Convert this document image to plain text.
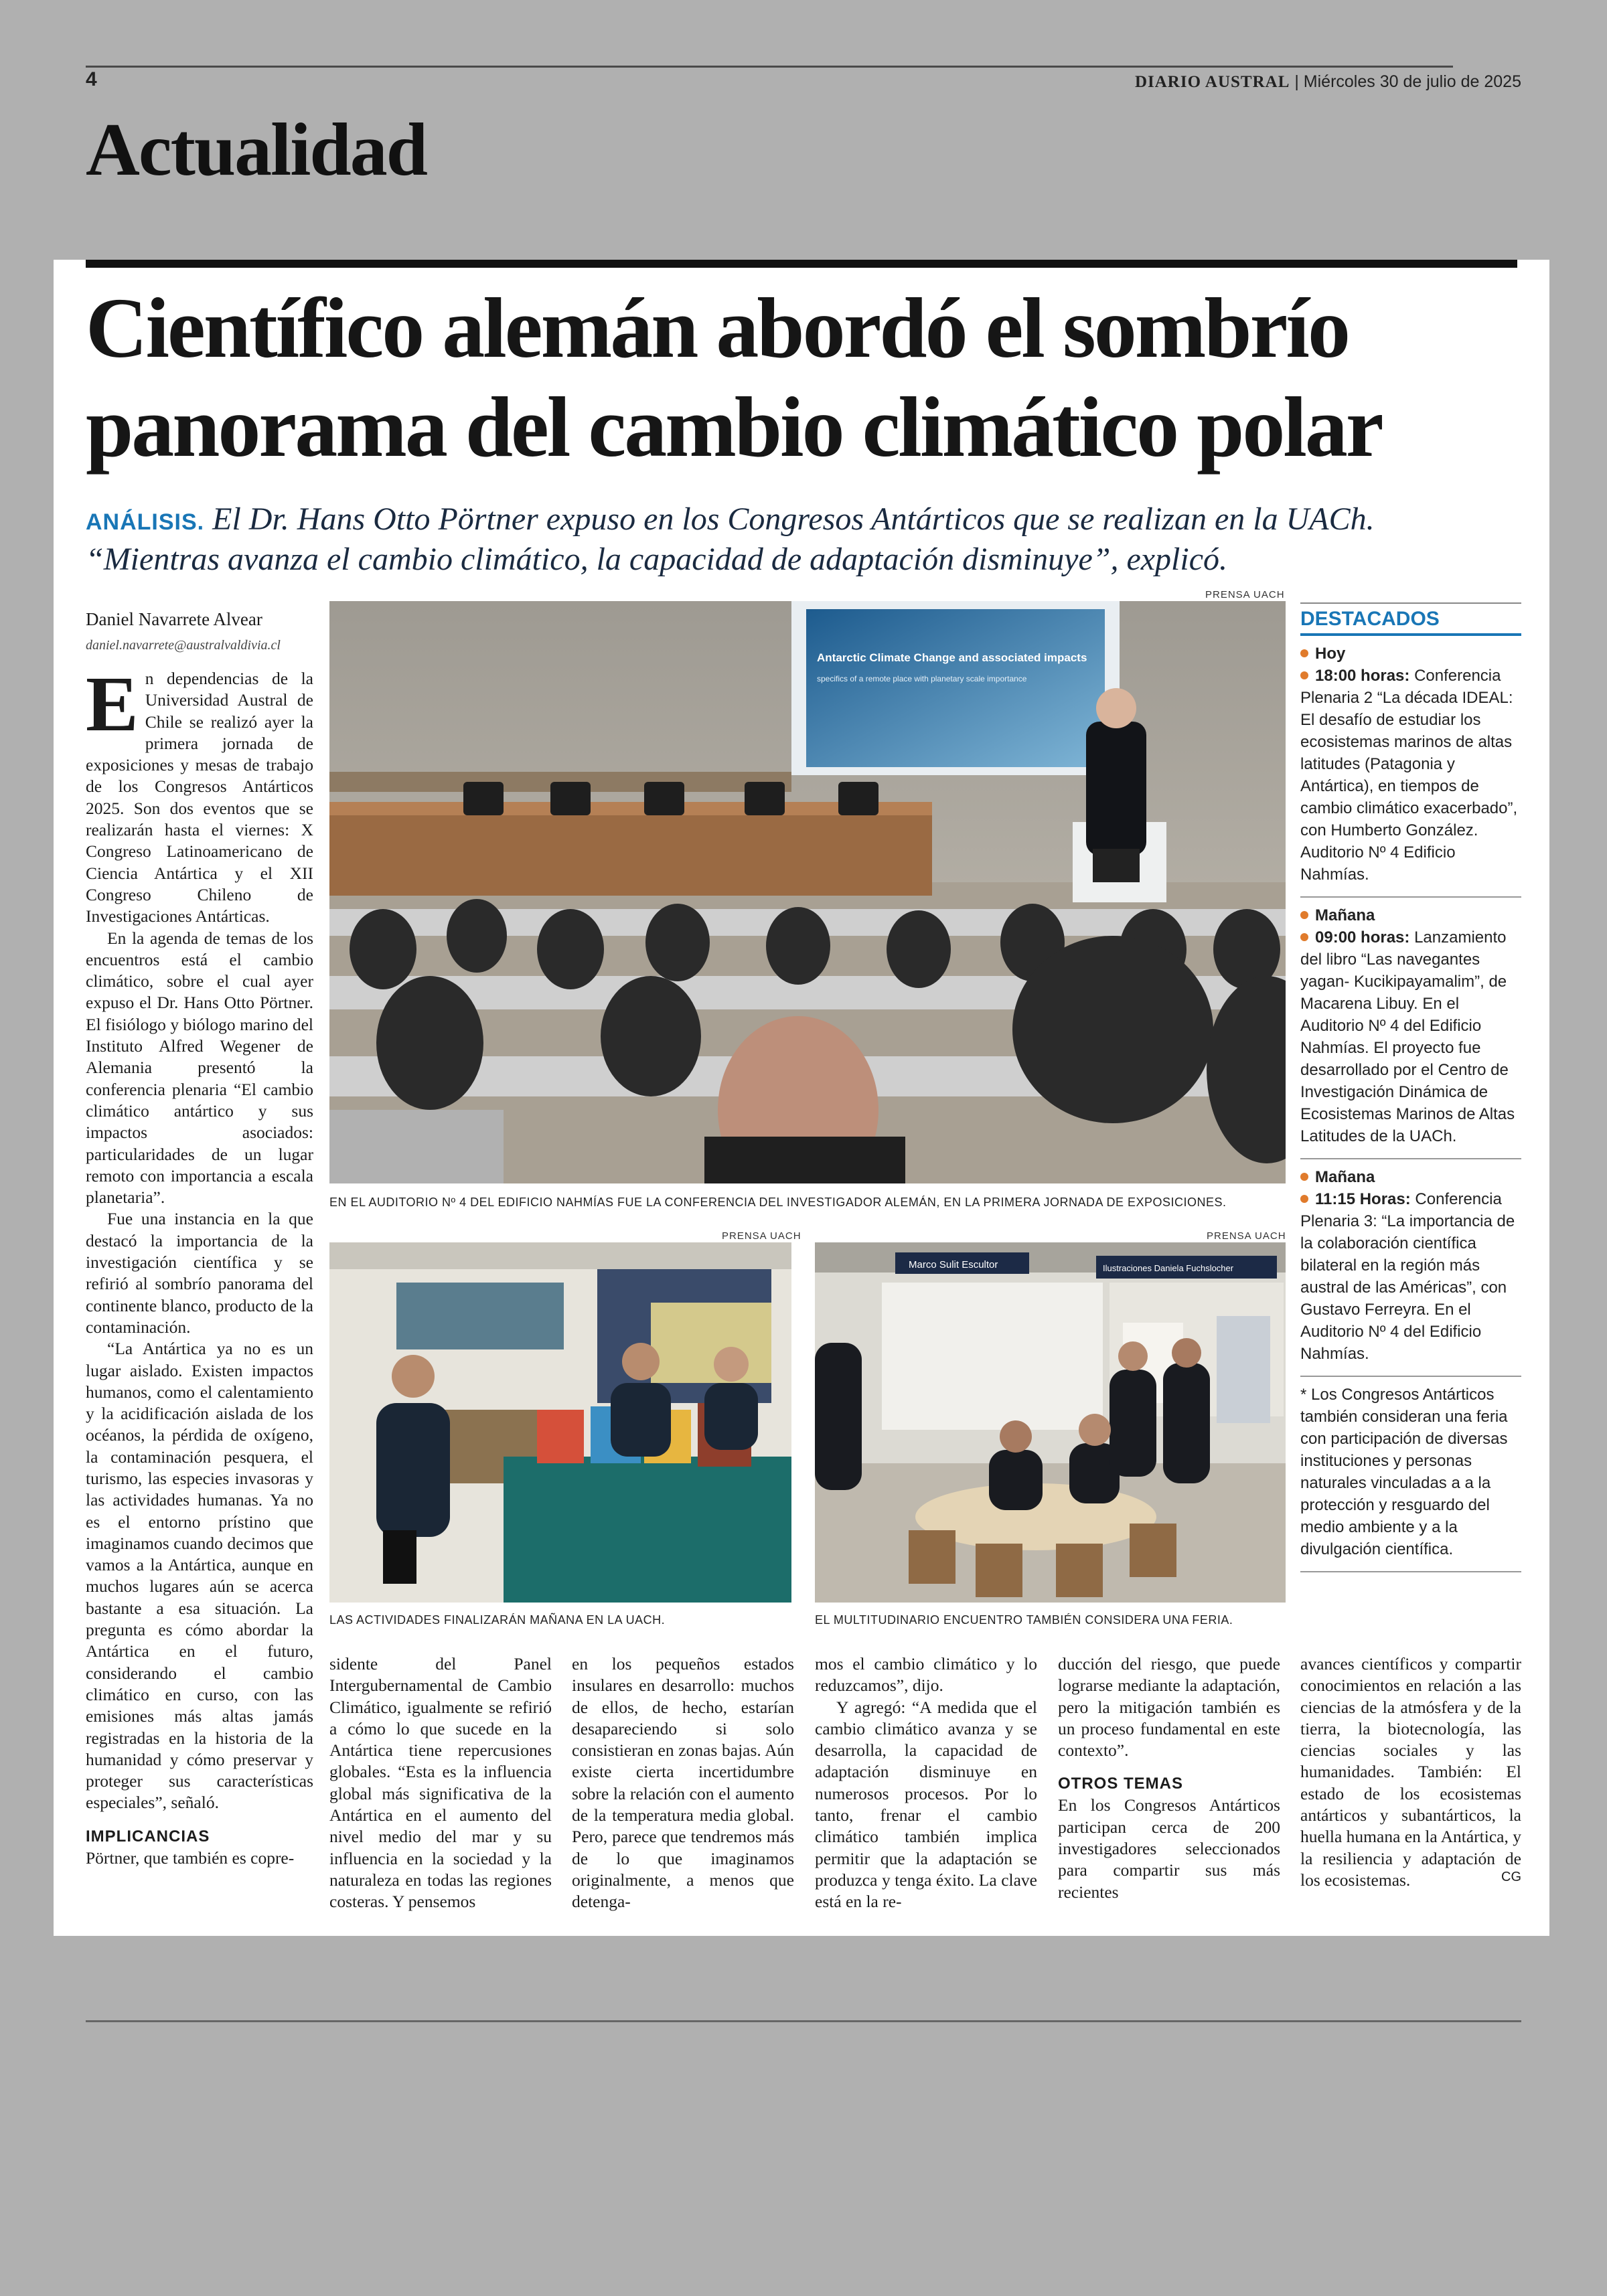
4	DIARIO AUSTRAL | Miércoles 30 de julio de 2025
Actualidad
Científico alemán abordó el sombrío
panorama del cambio climático polar
ANÁLISIS. El Dr. Hans Otto Pörtner expuso en los Congresos Antárticos que se realizan en la UACh.
“Mientras avanza el cambio climático, la capacidad de adaptación disminuye”, explicó.
Daniel Navarrete Alvear
daniel.navarrete@australvaldivia.cl

En dependencias de la Universidad Austral de Chile se realizó ayer la primera jornada de exposiciones y mesas de trabajo de los Congresos Antárticos 2025. Son dos eventos que se realizarán hasta el viernes: X Congreso Latinoamericano de Ciencia Antártica y el XII Congreso Chileno de Investigaciones Antárticas.

En la agenda de temas de los encuentros está el cambio climático, sobre el cual ayer expuso el Dr. Hans Otto Pörtner. El fisiólogo y biólogo marino del Instituto Alfred Wegener de Alemania presentó la conferencia plenaria “El cambio climático antártico y sus impactos asociados: particularidades de un lugar remoto con importancia a escala planetaria”.

Fue una instancia en la que destacó la importancia de la investigación científica y se refirió al sombrío panorama del continente blanco, producto de la contaminación.

“La Antártica ya no es un lugar aislado. Existen impactos humanos, como el calentamiento y la acidificación aislada de los océanos, la pérdida de oxígeno, la contaminación pesquera, el turismo, las especies invasoras y las actividades humanas. Ya no es el entorno prístino que imaginamos cuando decimos que vamos a la Antártica, aunque en muchos lugares aún se acerca bastante a esa situación. La pregunta es cómo abordar la Antártica en el futuro, considerando el cambio climático en curso, con las emisiones más altas jamás registradas en la historia de la humanidad y cómo preservar y proteger sus características especiales”, señaló.

IMPLICANCIAS

Pörtner, que también es copre-

PRENSA UACH
Antarctic Climate Change and associated impacts
specifics of a remote place with planetary scale importance
EN EL AUDITORIO Nº 4 DEL EDIFICIO NAHMÍAS FUE LA CONFERENCIA DEL INVESTIGADOR ALEMÁN, EN LA PRIMERA JORNADA DE EXPOSICIONES.
PRENSA UACH
LAS ACTIVIDADES FINALIZARÁN MAÑANA EN LA UACH.
PRENSA UACH
Marco Sulit Escultor	Ilustraciones Daniela Fuchslocher
EL MULTITUDINARIO ENCUENTRO TAMBIÉN CONSIDERA UNA FERIA.

sidente del Panel Intergubernamental de Cambio Climático, igualmente se refirió a cómo lo que sucede en la Antártica tiene repercusiones globales. “Esta es la influencia global más significativa de la Antártica en el aumento del nivel medio del mar y su influencia en la sociedad y la naturaleza en todas las regiones costeras. Y pensemos

en los pequeños estados insulares en desarrollo: muchos de ellos, de hecho, estarían desapareciendo si solo consistieran en zonas bajas. Aún existe cierta incertidumbre sobre la relación con el aumento de la temperatura media global. Pero, parece que tendremos más de lo que imaginamos originalmente, a menos que detenga-

mos el cambio climático y lo reduzcamos”, dijo.

Y agregó: “A medida que el cambio climático avanza y se desarrolla, la capacidad de adaptación disminuye en numerosos procesos. Por lo tanto, frenar el cambio climático también implica permitir que la adaptación se produzca y tenga éxito. La clave está en la re-

ducción del riesgo, que puede lograrse mediante la adaptación, pero la mitigación también es un proceso fundamental en este contexto”.

OTROS TEMAS

En los Congresos Antárticos participan cerca de 200 investigadores seleccionados para compartir sus más recientes

avances científicos y compartir conocimientos en relación a las ciencias de la atmósfera y de la tierra, la biotecnología, las ciencias sociales y las humanidades. También: El estado de los ecosistemas antárticos y subantárticos, la huella humana en la Antártica, y la resiliencia y adaptación de los ecosistemas.	CG

DESTACADOS
Hoy
18:00 horas: Conferencia Plenaria 2 “La década IDEAL: El desafío de estudiar los ecosistemas marinos de altas latitudes (Patagonia y Antártica), en tiempos de cambio climático exacerbado”, con Humberto González. Auditorio Nº 4 Edificio Nahmías.
Mañana
09:00 horas: Lanzamiento del libro “Las navegantes yagan- Kucikipayamalim”, de Macarena Libuy. En el Auditorio Nº 4 del Edificio Nahmías. El proyecto fue desarrollado por el Centro de Investigación Dinámica de Ecosistemas Marinos de Altas Latitudes de la UACh.
Mañana
11:15 Horas: Conferencia Plenaria 3: “La importancia de la colaboración científica bilateral en la región más austral de las Américas”, con Gustavo Ferreyra. En el Auditorio Nº 4 del Edificio Nahmías.
* Los Congresos Antárticos también consideran una feria con participación de diversas instituciones y personas naturales vinculadas a a la protección y resguardo del medio ambiente y a la divulgación científica.
